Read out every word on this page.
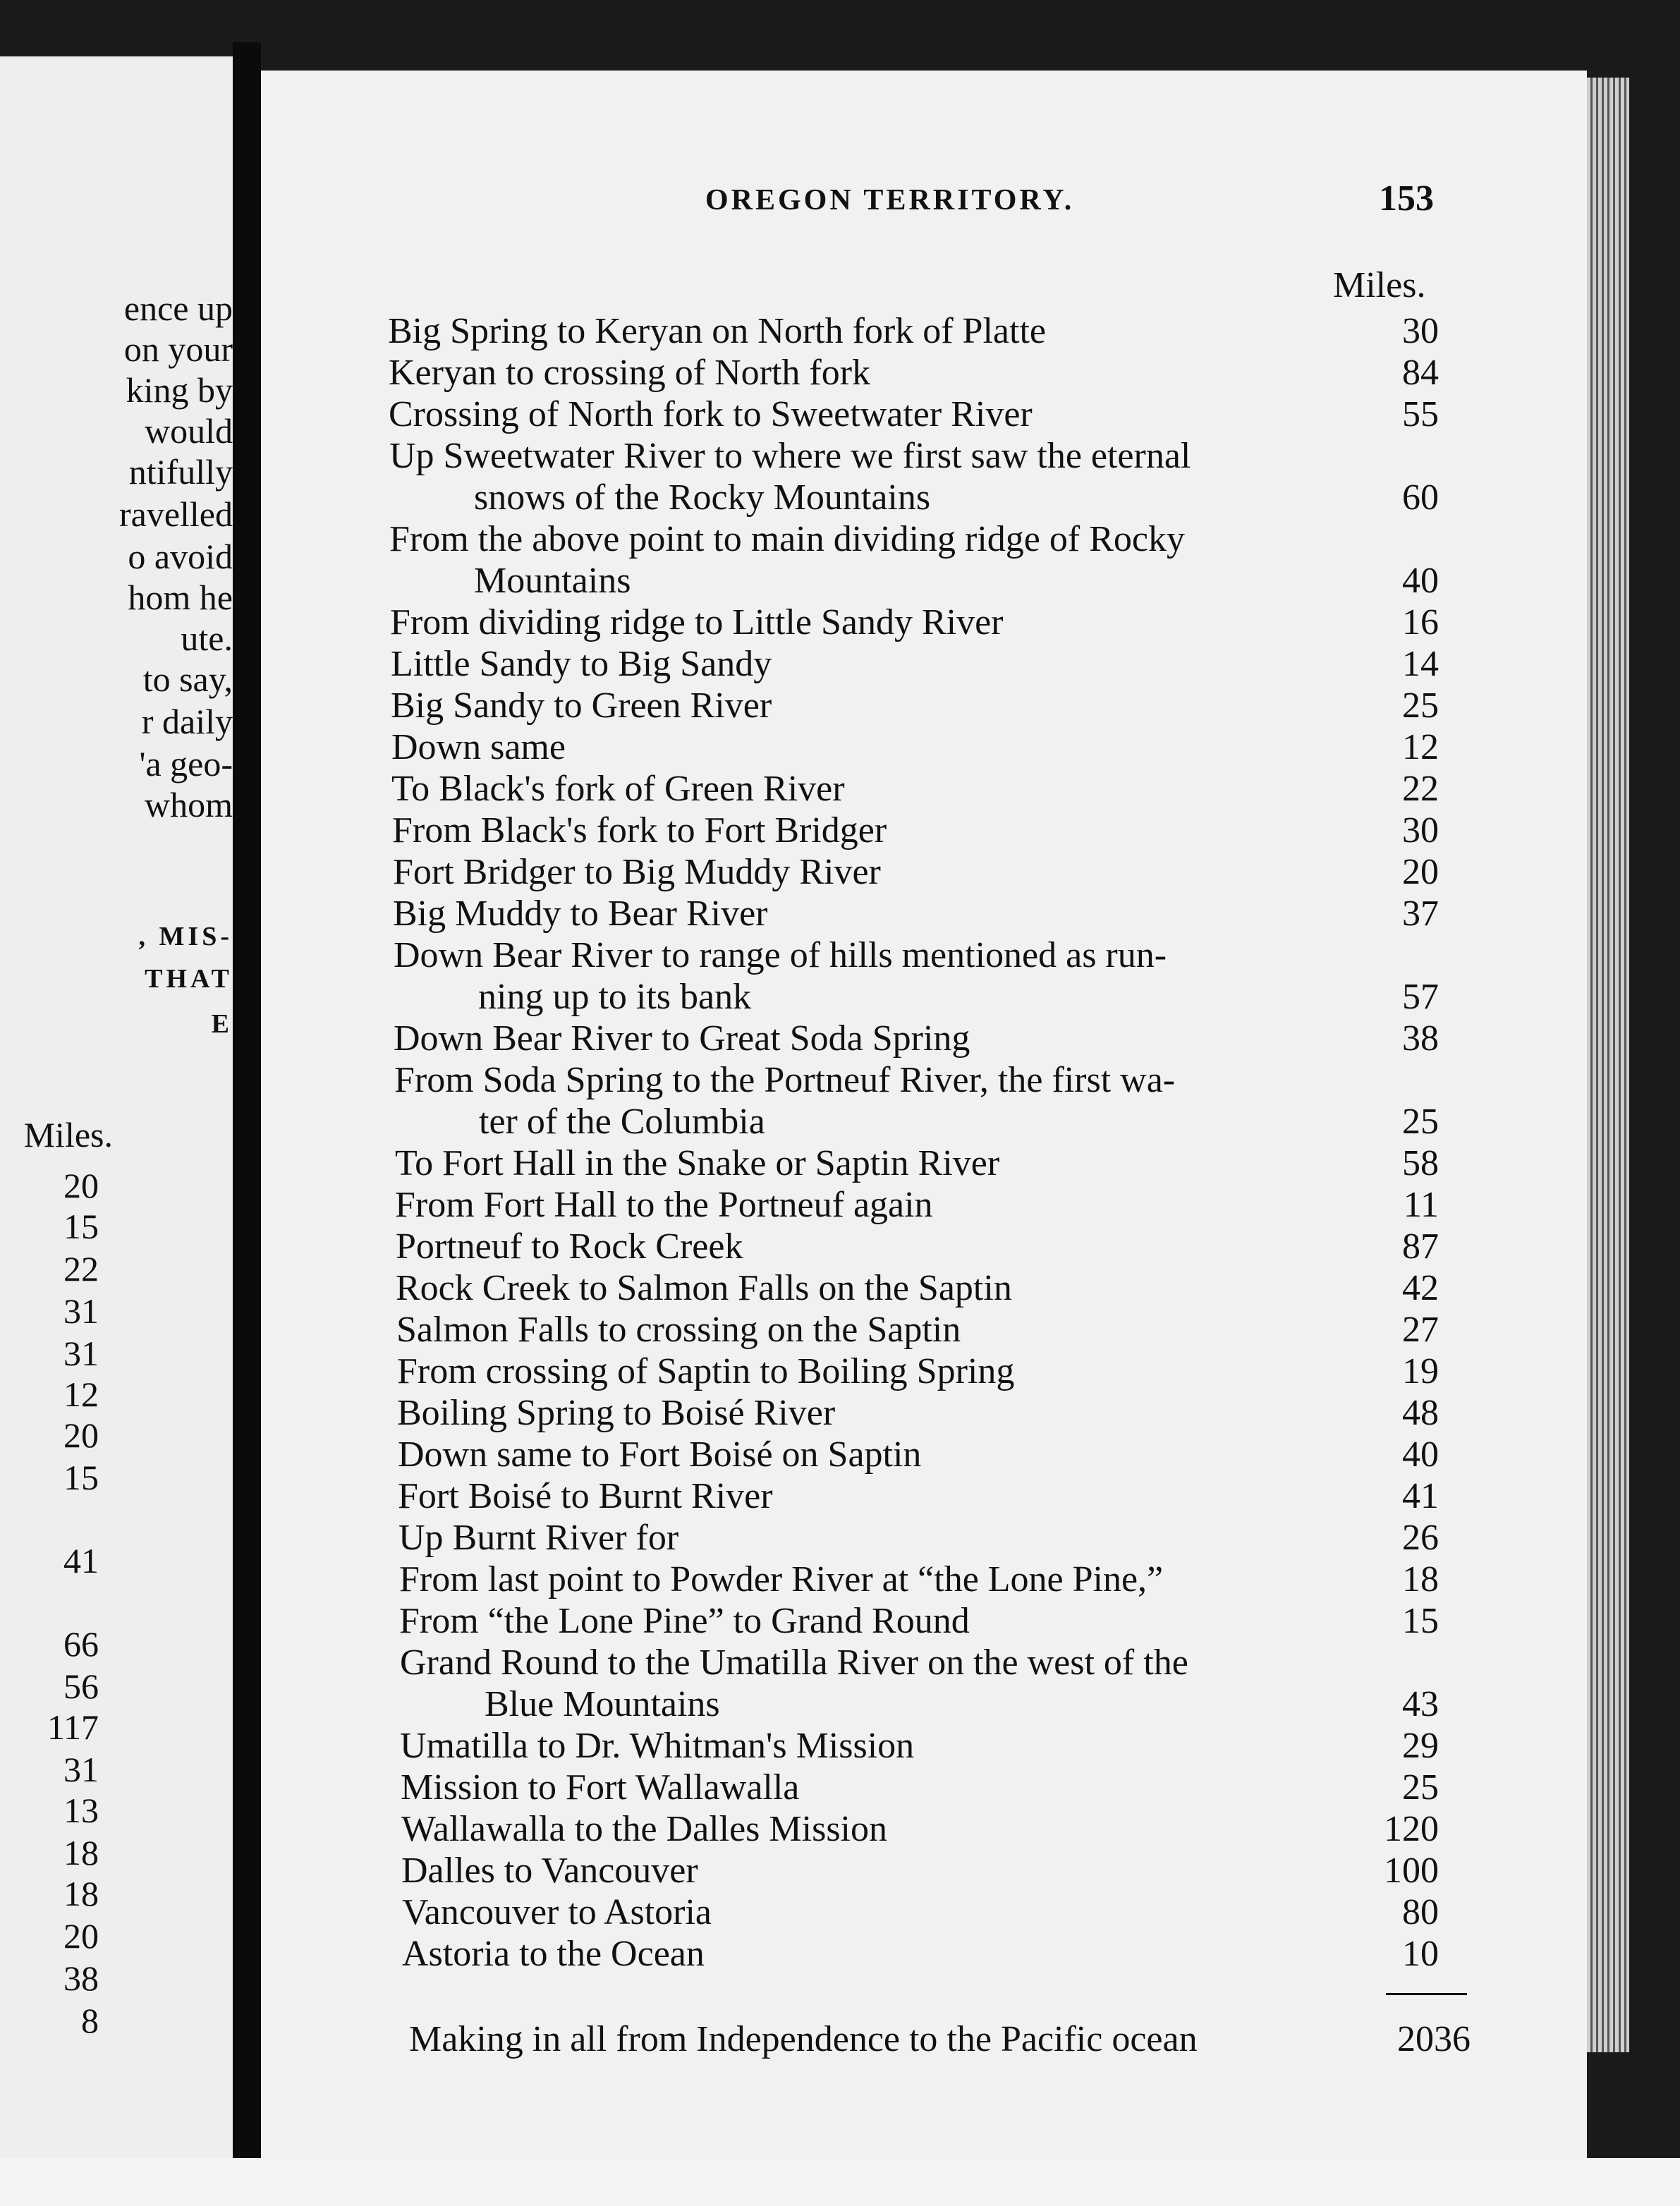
ence up
on your
king by
would
ntifully
ravelled
o avoid
hom he
ute.
to say,
r daily
'a geo-
whom
, MIS-
THAT
E
Miles.
20
15
22
31
31
12
20
15
41
66
56
117
31
13
18
18
20
38
8
OREGON TERRITORY.	153
Miles.
Big Spring to Keryan on North fork of Platte	30
Keryan to crossing of North fork	84
Crossing of North fork to Sweetwater River	55
Up Sweetwater River to where we first saw the eternal
snows of the Rocky Mountains	60
From the above point to main dividing ridge of Rocky
Mountains	40
From dividing ridge to Little Sandy River	16
Little Sandy to Big Sandy	14
Big Sandy to Green River	25
Down same	12
To Black's fork of Green River	22
From Black's fork to Fort Bridger	30
Fort Bridger to Big Muddy River	20
Big Muddy to Bear River	37
Down Bear River to range of hills mentioned as run-
ning up to its bank	57
Down Bear River to Great Soda Spring	38
From Soda Spring to the Portneuf River, the first wa-
ter of the Columbia	25
To Fort Hall in the Snake or Saptin River	58
From Fort Hall to the Portneuf again	11
Portneuf to Rock Creek	87
Rock Creek to Salmon Falls on the Saptin	42
Salmon Falls to crossing on the Saptin	27
From crossing of Saptin to Boiling Spring	19
Boiling Spring to Boisé River	48
Down same to Fort Boisé on Saptin	40
Fort Boisé to Burnt River	41
Up Burnt River for	26
From last point to Powder River at “the Lone Pine,”	18
From “the Lone Pine” to Grand Round	15
Grand Round to the Umatilla River on the west of the
Blue Mountains	43
Umatilla to Dr. Whitman's Mission	29
Mission to Fort Wallawalla	25
Wallawalla to the Dalles Mission	120
Dalles to Vancouver	100
Vancouver to Astoria	80
Astoria to the Ocean	10
Making in all from Independence to the Pacific ocean	2036
